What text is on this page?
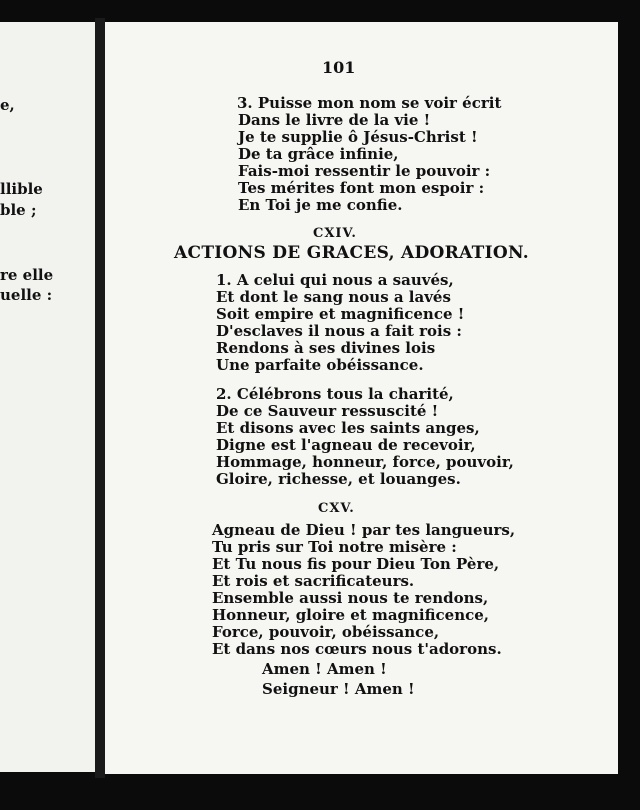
e,
llible
ble ;
re elle
uelle :
101
3. Puisse mon nom se voir écrit
Dans le livre de la vie !
Je te supplie ô Jésus-Christ !
De ta grâce infinie,
Fais-moi ressentir le pouvoir :
Tes mérites font mon espoir :
En Toi je me confie.
CXIV.
ACTIONS DE GRACES, ADORATION.
1. A celui qui nous a sauvés,
Et dont le sang nous a lavés
Soit empire et magnificence !
D'esclaves il nous a fait rois :
Rendons à ses divines lois
Une parfaite obéissance.
2. Célébrons tous la charité,
De ce Sauveur ressuscité !
Et disons avec les saints anges,
Digne est l'agneau de recevoir,
Hommage, honneur, force, pouvoir,
Gloire, richesse, et louanges.
CXV.
Agneau de Dieu ! par tes langueurs,
Tu pris sur Toi notre misère :
Et Tu nous fis pour Dieu Ton Père,
Et rois et sacrificateurs.
Ensemble aussi nous te rendons,
Honneur, gloire et magnificence,
Force, pouvoir, obéissance,
Et dans nos cœurs nous t'adorons.
Amen ! Amen !
Seigneur ! Amen !
